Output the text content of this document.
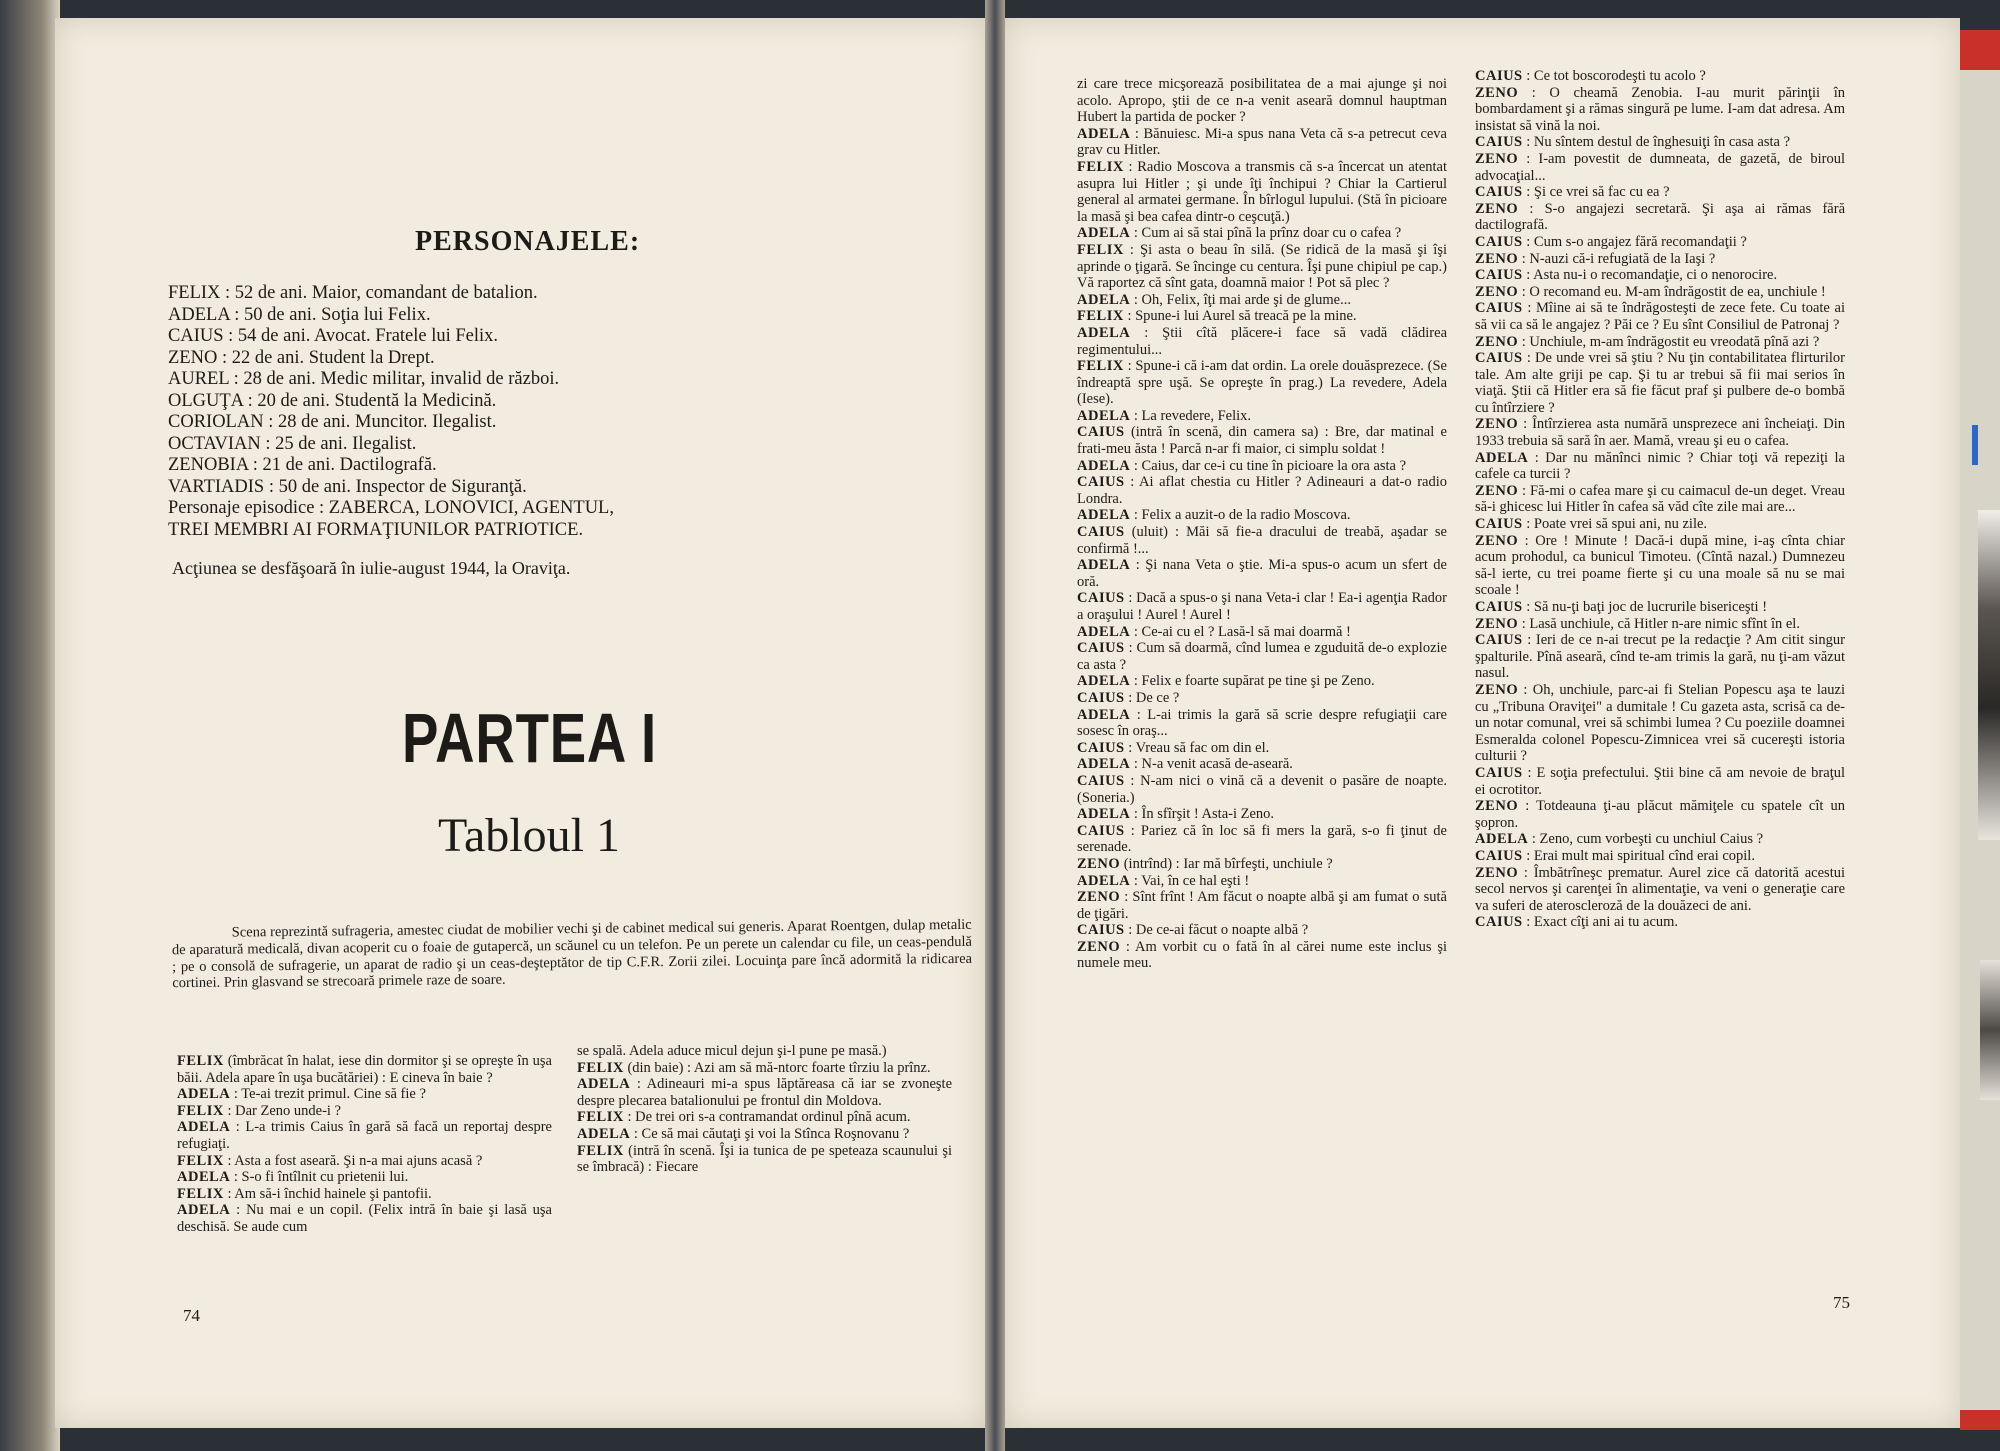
PERSONAJELE:
FELIX : 52 de ani. Maior, comandant de batalion.
ADELA : 50 de ani. Soţia lui Felix.
CAIUS : 54 de ani. Avocat. Fratele lui Felix.
ZENO : 22 de ani. Student la Drept.
AUREL : 28 de ani. Medic militar, invalid de război.
OLGUŢA : 20 de ani. Studentă la Medicină.
CORIOLAN : 28 de ani. Muncitor. Ilegalist.
OCTAVIAN : 25 de ani. Ilegalist.
ZENOBIA : 21 de ani. Dactilografă.
VARTIADIS : 50 de ani. Inspector de Siguranţă.
Personaje episodice : ZABERCA, LONOVICI, AGENTUL,
TREI MEMBRI AI FORMAŢIUNILOR PATRIOTICE.
Acţiunea se desfăşoară în iulie-august 1944, la Oraviţa.
PARTEA I
Tabloul 1
Scena reprezintă sufrageria, amestec ciudat de mobilier vechi şi de cabinet medical sui generis. Aparat Roentgen, dulap metalic de aparatură medicală, divan acoperit cu o foaie de gutapercă, un scăunel cu un telefon. Pe un perete un calendar cu file, un ceas-pendulă ; pe o consolă de sufragerie, un aparat de radio şi un ceas-deşteptător de tip C.F.R. Zorii zilei. Locuinţa pare încă adormită la ridicarea cortinei. Prin glasvand se strecoară primele raze de soare.

FELIX (îmbrăcat în halat, iese din dormitor şi se opreşte în uşa băii. Adela apare în uşa bucătăriei) : E cineva în baie ?

ADELA : Te-ai trezit primul. Cine să fie ?

FELIX : Dar Zeno unde-i ?

ADELA : L-a trimis Caius în gară să facă un reportaj despre refugiaţi.

FELIX : Asta a fost aseară. Şi n-a mai ajuns acasă ?

ADELA : S-o fi întîlnit cu prietenii lui.

FELIX : Am să-i închid hainele şi pantofii.

ADELA : Nu mai e un copil. (Felix intră în baie şi lasă uşa deschisă. Se aude cum

se spală. Adela aduce micul dejun şi-l pune pe masă.)

FELIX (din baie) : Azi am să mă-ntorc foarte tîrziu la prînz.

ADELA : Adineauri mi-a spus lăptăreasa că iar se zvoneşte despre plecarea batalionului pe frontul din Moldova.

FELIX : De trei ori s-a contramandat ordinul pînă acum.

ADELA : Ce să mai căutaţi şi voi la Stînca Roşnovanu ?

FELIX (intră în scenă. Îşi ia tunica de pe speteaza scaunului şi se îmbracă) : Fiecare

74

zi care trece micşorează posibilitatea de a mai ajunge şi noi acolo. Apropo, ştii de ce n-a venit aseară domnul hauptman Hubert la partida de pocker ?

ADELA : Bănuiesc. Mi-a spus nana Veta că s-a petrecut ceva grav cu Hitler.

FELIX : Radio Moscova a transmis că s-a încercat un atentat asupra lui Hitler ; şi unde îţi închipui ? Chiar la Cartierul general al armatei germane. În bîrlogul lupului. (Stă în picioare la masă şi bea cafea dintr-o ceşcuţă.)

ADELA : Cum ai să stai pînă la prînz doar cu o cafea ?

FELIX : Şi asta o beau în silă. (Se ridică de la masă şi îşi aprinde o ţigară. Se încinge cu centura. Îşi pune chipiul pe cap.) Vă raportez că sînt gata, doamnă maior ! Pot să plec ?

ADELA : Oh, Felix, îţi mai arde şi de glume...

FELIX : Spune-i lui Aurel să treacă pe la mine.

ADELA : Ştii cîtă plăcere-i face să vadă clădirea regimentului...

FELIX : Spune-i că i-am dat ordin. La orele douăsprezece. (Se îndreaptă spre uşă. Se opreşte în prag.) La revedere, Adela (Iese).

ADELA : La revedere, Felix.

CAIUS (intră în scenă, din camera sa) : Bre, dar matinal e frati-meu ăsta ! Parcă n-ar fi maior, ci simplu soldat !

ADELA : Caius, dar ce-i cu tine în picioare la ora asta ?

CAIUS : Ai aflat chestia cu Hitler ? Adineauri a dat-o radio Londra.

ADELA : Felix a auzit-o de la radio Moscova.

CAIUS (uluit) : Măi să fie-a dracului de treabă, aşadar se confirmă !...

ADELA : Şi nana Veta o ştie. Mi-a spus-o acum un sfert de oră.

CAIUS : Dacă a spus-o şi nana Veta-i clar ! Ea-i agenţia Rador a oraşului ! Aurel ! Aurel !

ADELA : Ce-ai cu el ? Lasă-l să mai doarmă !

CAIUS : Cum să doarmă, cînd lumea e zguduită de-o explozie ca asta ?

ADELA : Felix e foarte supărat pe tine şi pe Zeno.

CAIUS : De ce ?

ADELA : L-ai trimis la gară să scrie despre refugiaţii care sosesc în oraş...

CAIUS : Vreau să fac om din el.

ADELA : N-a venit acasă de-aseară.

CAIUS : N-am nici o vină că a devenit o pasăre de noapte. (Soneria.)

ADELA : În sfîrşit ! Asta-i Zeno.

CAIUS : Pariez că în loc să fi mers la gară, s-o fi ţinut de serenade.

ZENO (intrînd) : Iar mă bîrfeşti, unchiule ?

ADELA : Vai, în ce hal eşti !

ZENO : Sînt frînt ! Am făcut o noapte albă şi am fumat o sută de ţigări.

CAIUS : De ce-ai făcut o noapte albă ?

ZENO : Am vorbit cu o fată în al cărei nume este inclus şi numele meu.

CAIUS : Ce tot boscorodeşti tu acolo ?

ZENO : O cheamă Zenobia. I-au murit părinţii în bombardament şi a rămas singură pe lume. I-am dat adresa. Am insistat să vină la noi.

CAIUS : Nu sîntem destul de înghesuiţi în casa asta ?

ZENO : I-am povestit de dumneata, de gazetă, de biroul advocaţial...

CAIUS : Şi ce vrei să fac cu ea ?

ZENO : S-o angajezi secretară. Şi aşa ai rămas fără dactilografă.

CAIUS : Cum s-o angajez fără recomandaţii ?

ZENO : N-auzi că-i refugiată de la Iaşi ?

CAIUS : Asta nu-i o recomandaţie, ci o nenorocire.

ZENO : O recomand eu. M-am îndrăgostit de ea, unchiule !

CAIUS : Mîine ai să te îndrăgosteşti de zece fete. Cu toate ai să vii ca să le angajez ? Păi ce ? Eu sînt Consiliul de Patronaj ?

ZENO : Unchiule, m-am îndrăgostit eu vreodată pînă azi ?

CAIUS : De unde vrei să ştiu ? Nu ţin contabilitatea flirturilor tale. Am alte griji pe cap. Şi tu ar trebui să fii mai serios în viaţă. Ştii că Hitler era să fie făcut praf şi pulbere de-o bombă cu întîrziere ?

ZENO : Întîrzierea asta numără unsprezece ani încheiaţi. Din 1933 trebuia să sară în aer. Mamă, vreau şi eu o cafea.

ADELA : Dar nu mănînci nimic ? Chiar toţi vă repeziţi la cafele ca turcii ?

ZENO : Fă-mi o cafea mare şi cu caimacul de-un deget. Vreau să-i ghicesc lui Hitler în cafea să văd cîte zile mai are...

CAIUS : Poate vrei să spui ani, nu zile.

ZENO : Ore ! Minute ! Dacă-i după mine, i-aş cînta chiar acum prohodul, ca bunicul Timoteu. (Cîntă nazal.) Dumnezeu să-l ierte, cu trei poame fierte şi cu una moale să nu se mai scoale !

CAIUS : Să nu-ţi baţi joc de lucrurile bisericeşti !

ZENO : Lasă unchiule, că Hitler n-are nimic sfînt în el.

CAIUS : Ieri de ce n-ai trecut pe la redacţie ? Am citit singur şpalturile. Pînă aseară, cînd te-am trimis la gară, nu ţi-am văzut nasul.

ZENO : Oh, unchiule, parc-ai fi Stelian Popescu aşa te lauzi cu „Tribuna Oraviţei" a dumitale ! Cu gazeta asta, scrisă ca de-un notar comunal, vrei să schimbi lumea ? Cu poeziile doamnei Esmeralda colonel Popescu-Zimnicea vrei să cucereşti istoria culturii ?

CAIUS : E soţia prefectului. Ştii bine că am nevoie de braţul ei ocrotitor.

ZENO : Totdeauna ţi-au plăcut mămiţele cu spatele cît un şopron.

ADELA : Zeno, cum vorbeşti cu unchiul Caius ?

CAIUS : Erai mult mai spiritual cînd erai copil.

ZENO : Îmbătrîneşc prematur. Aurel zice că datorită acestui secol nervos şi carenţei în alimentaţie, va veni o generaţie care va suferi de ateroscleroză de la douăzeci de ani.

CAIUS : Exact cîţi ani ai tu acum.

75
